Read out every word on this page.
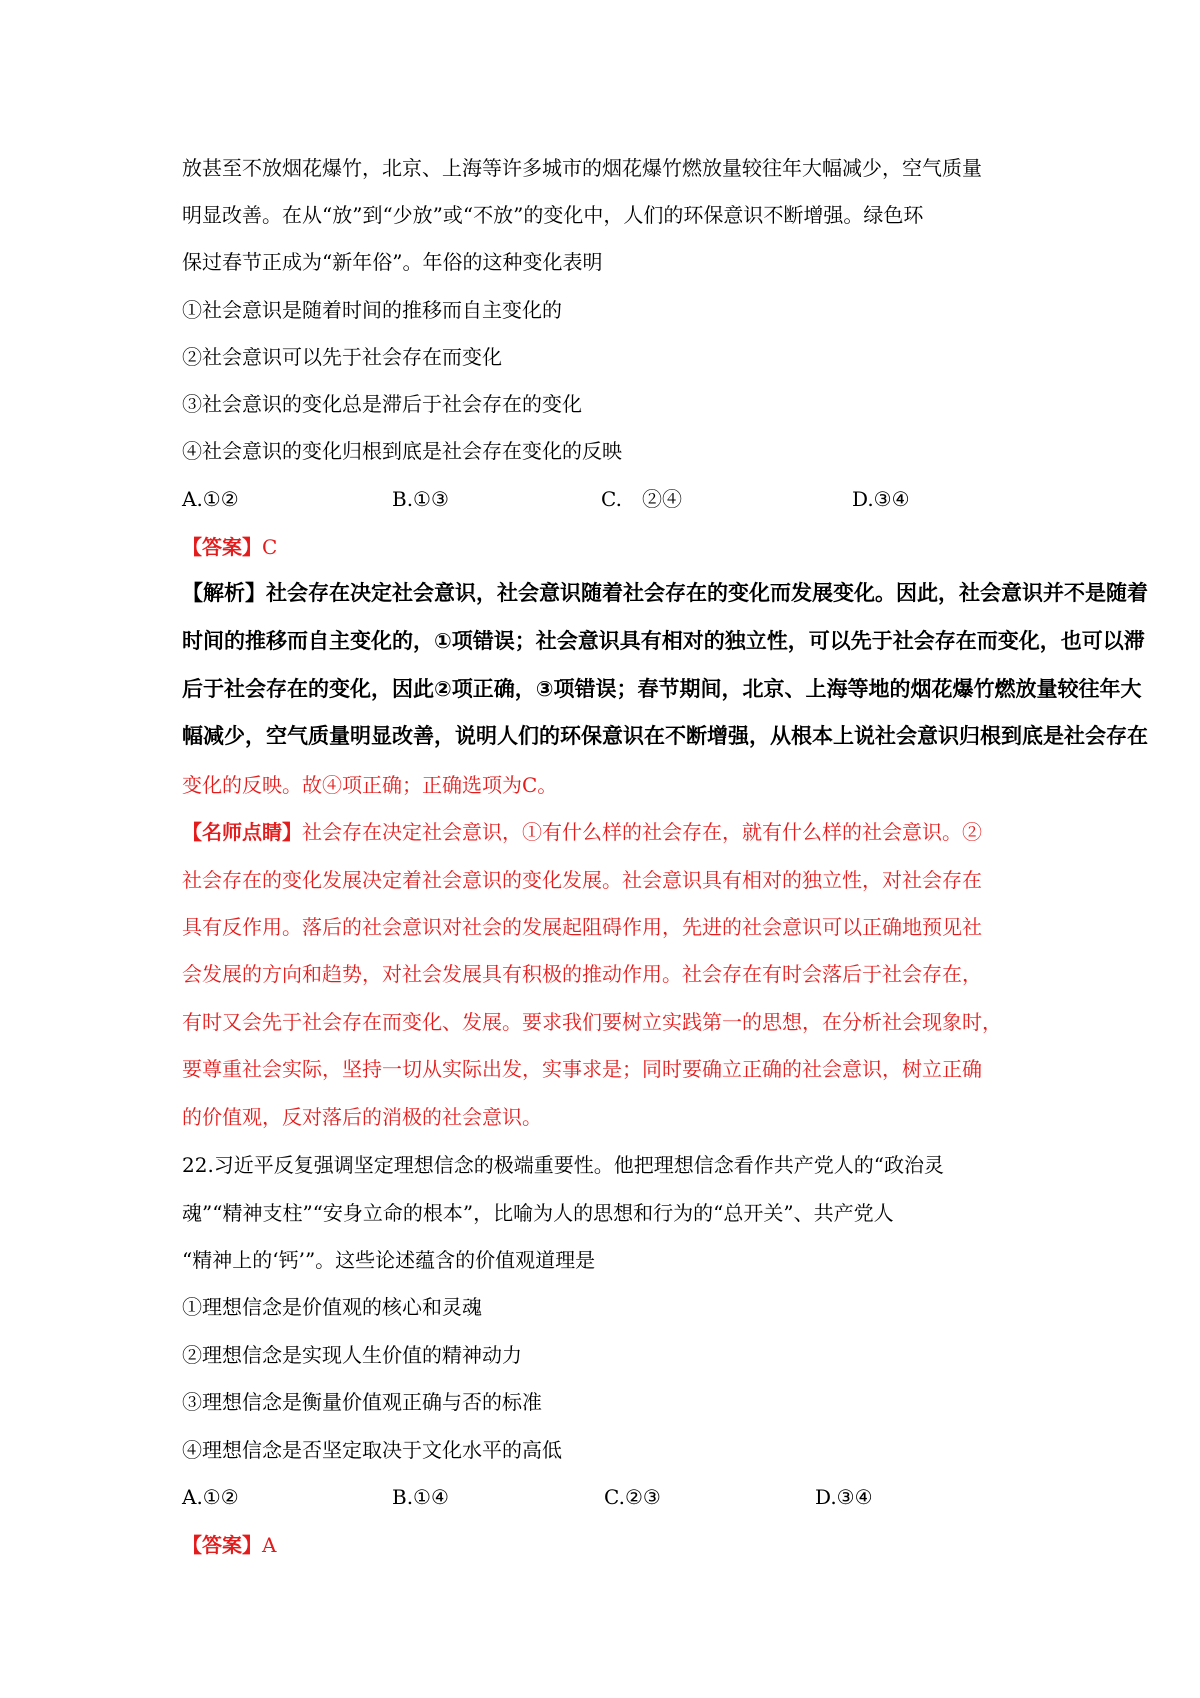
放甚至不放烟花爆竹，北京、上海等许多城市的烟花爆竹燃放量较往年大幅减少，空气质量
明显改善。在从“放”到“少放”或“不放”的变化中，人们的环保意识不断增强。绿色环
保过春节正成为“新年俗”。年俗的这种变化表明
①社会意识是随着时间的推移而自主变化的
②社会意识可以先于社会存在而变化
③社会意识的变化总是滞后于社会存在的变化
④社会意识的变化归根到底是社会存在变化的反映
A.①②	B.①③	C.　②④	D.③④
【答案】C
【解析】社会存在决定社会意识，社会意识随着社会存在的变化而发展变化。因此，社会意识并不是随着
时间的推移而自主变化的，①项错误；社会意识具有相对的独立性，可以先于社会存在而变化，也可以滞
后于社会存在的变化，因此②项正确，③项错误；春节期间，北京、上海等地的烟花爆竹燃放量较往年大
幅减少，空气质量明显改善，说明人们的环保意识在不断增强，从根本上说社会意识归根到底是社会存在
变化的反映。故④项正确；正确选项为C。
【名师点睛】社会存在决定社会意识，①有什么样的社会存在，就有什么样的社会意识。②
社会存在的变化发展决定着社会意识的变化发展。社会意识具有相对的独立性，对社会存在
具有反作用。落后的社会意识对社会的发展起阻碍作用，先进的社会意识可以正确地预见社
会发展的方向和趋势，对社会发展具有积极的推动作用。社会存在有时会落后于社会存在，
有时又会先于社会存在而变化、发展。要求我们要树立实践第一的思想，在分析社会现象时，
要尊重社会实际，坚持一切从实际出发，实事求是；同时要确立正确的社会意识，树立正确
的价值观，反对落后的消极的社会意识。
22.习近平反复强调坚定理想信念的极端重要性。他把理想信念看作共产党人的“政治灵
魂”“精神支柱”“安身立命的根本”，比喻为人的思想和行为的“总开关”、共产党人
“精神上的‘钙’”。这些论述蕴含的价值观道理是
①理想信念是价值观的核心和灵魂
②理想信念是实现人生价值的精神动力
③理想信念是衡量价值观正确与否的标准
④理想信念是否坚定取决于文化水平的高低
A.①②	B.①④	C.②③	D.③④
【答案】A
